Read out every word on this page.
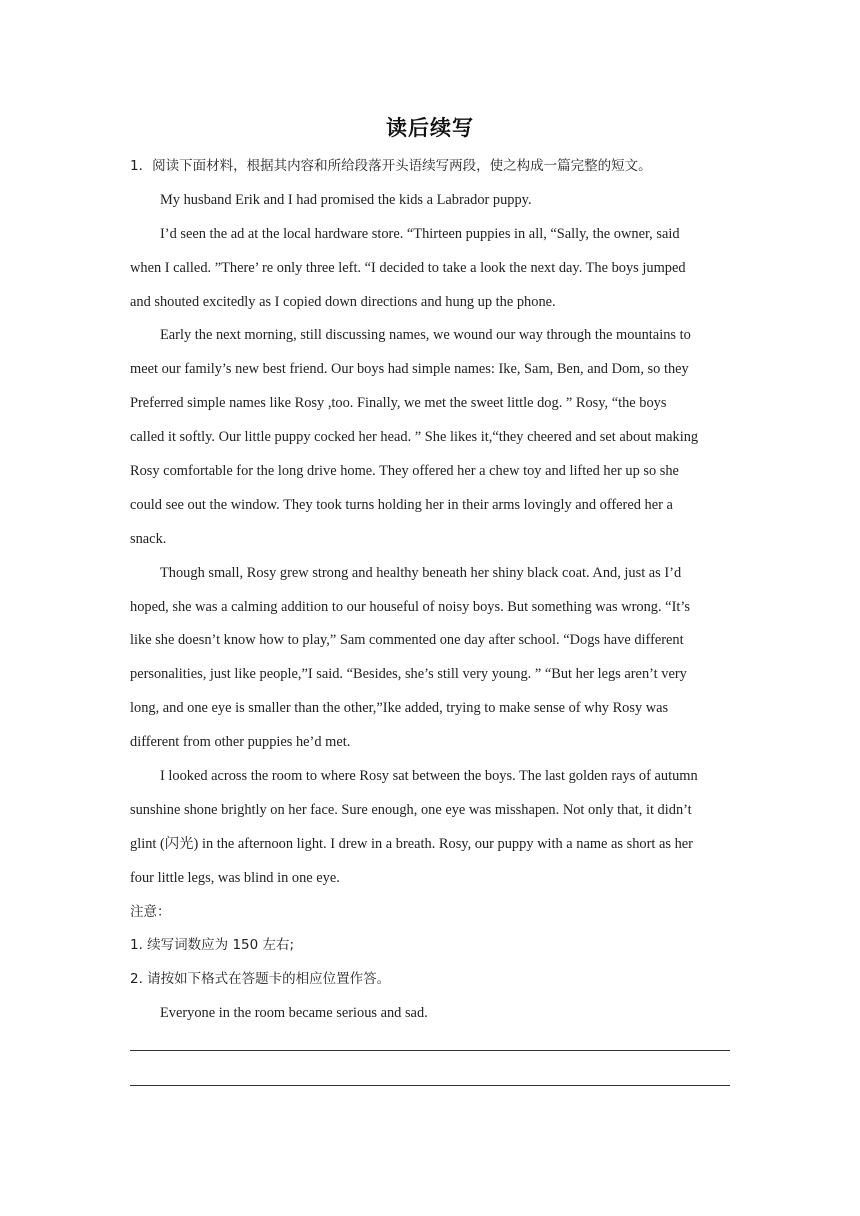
读后续写

1．阅读下面材料，根据其内容和所给段落开头语续写两段，使之构成一篇完整的短文。

My husband Erik and I had promised the kids a Labrador puppy.

I’d seen the ad at the local hardware store. “Thirteen puppies in all, “Sally, the owner, said

when I called. ”There’ re only three left. “I decided to take a look the next day. The boys jumped

and shouted excitedly as I copied down directions and hung up the phone.

Early the next morning, still discussing names, we wound our way through the mountains to

meet our family’s new best friend. Our boys had simple names: Ike, Sam, Ben, and Dom, so they

Preferred simple names like Rosy ,too. Finally, we met the sweet little dog. ” Rosy, “the boys

called it softly. Our little puppy cocked her head. ” She likes it,“they cheered and set about making

Rosy comfortable for the long drive home. They offered her a chew toy and lifted her up so she

could see out the window. They took turns holding her in their arms lovingly and offered her a

snack.

Though small, Rosy grew strong and healthy beneath her shiny black coat. And, just as I’d

hoped, she was a calming addition to our houseful of noisy boys. But something was wrong. “It’s

like she doesn’t know how to play,” Sam commented one day after school. “Dogs have different

personalities, just like people,”I said. “Besides, she’s still very young. ” “But her legs aren’t very

long, and one eye is smaller than the other,”Ike added, trying to make sense of why Rosy was

different from other puppies he’d met.

I looked across the room to where Rosy sat between the boys. The last golden rays of autumn

sunshine shone brightly on her face. Sure enough, one eye was misshapen. Not only that, it didn’t

glint (闪光) in the afternoon light. I drew in a breath. Rosy, our puppy with a name as short as her

four little legs, was blind in one eye.

注意：

1. 续写词数应为 150 左右;

2. 请按如下格式在答题卡的相应位置作答。

Everyone in the room became serious and sad.
